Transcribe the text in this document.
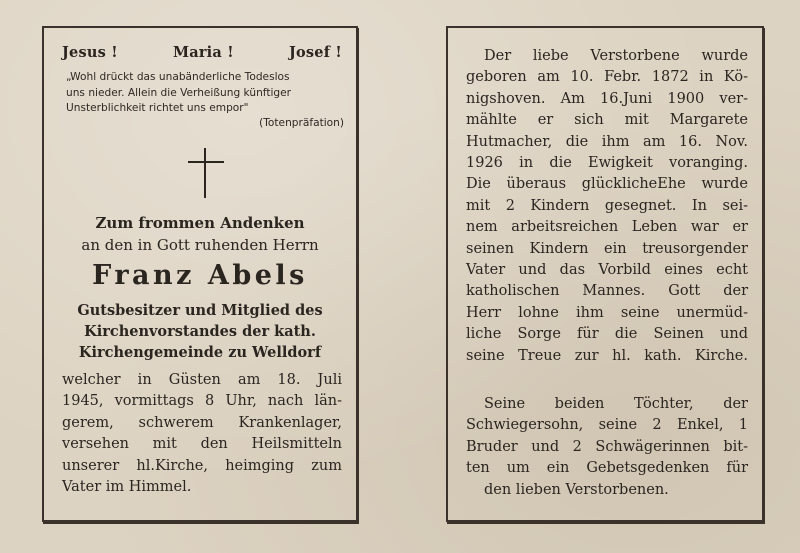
Jesus !	Maria !	Josef !
„Wohl drückt das unabänderliche Todeslos
uns nieder. Allein die Verheißung künftiger
Unsterblichkeit richtet uns empor"
(Totenpräfation)
Zum frommen Andenken
an den in Gott ruhenden Herrn
Franz Abels
Gutsbesitzer und Mitglied des
Kirchenvorstandes der kath.
Kirchengemeinde zu Welldorf
welcher in Güsten am 18. Juli
1945, vormittags 8 Uhr, nach län-
gerem, schwerem Krankenlager,
versehen mit den Heilsmitteln
unserer hl.Kirche, heimging zum
Vater im Himmel.
Der liebe Verstorbene wurde
geboren am 10. Febr. 1872 in Kö-
nigshoven. Am 16.Juni 1900 ver-
mählte er sich mit Margarete
Hutmacher, die ihm am 16. Nov.
1926 in die Ewigkeit voranging.
Die überaus glücklicheEhe wurde
mit 2 Kindern gesegnet. In sei-
nem arbeitsreichen Leben war er
seinen Kindern ein treusorgender
Vater und das Vorbild eines echt
katholischen Mannes. Gott der
Herr lohne ihm seine unermüd-
liche Sorge für die Seinen und
seine Treue zur hl. kath. Kirche.
Seine beiden Töchter, der
Schwiegersohn, seine 2 Enkel, 1
Bruder und 2 Schwägerinnen bit-
ten um ein Gebetsgedenken für
den lieben Verstorbenen.
